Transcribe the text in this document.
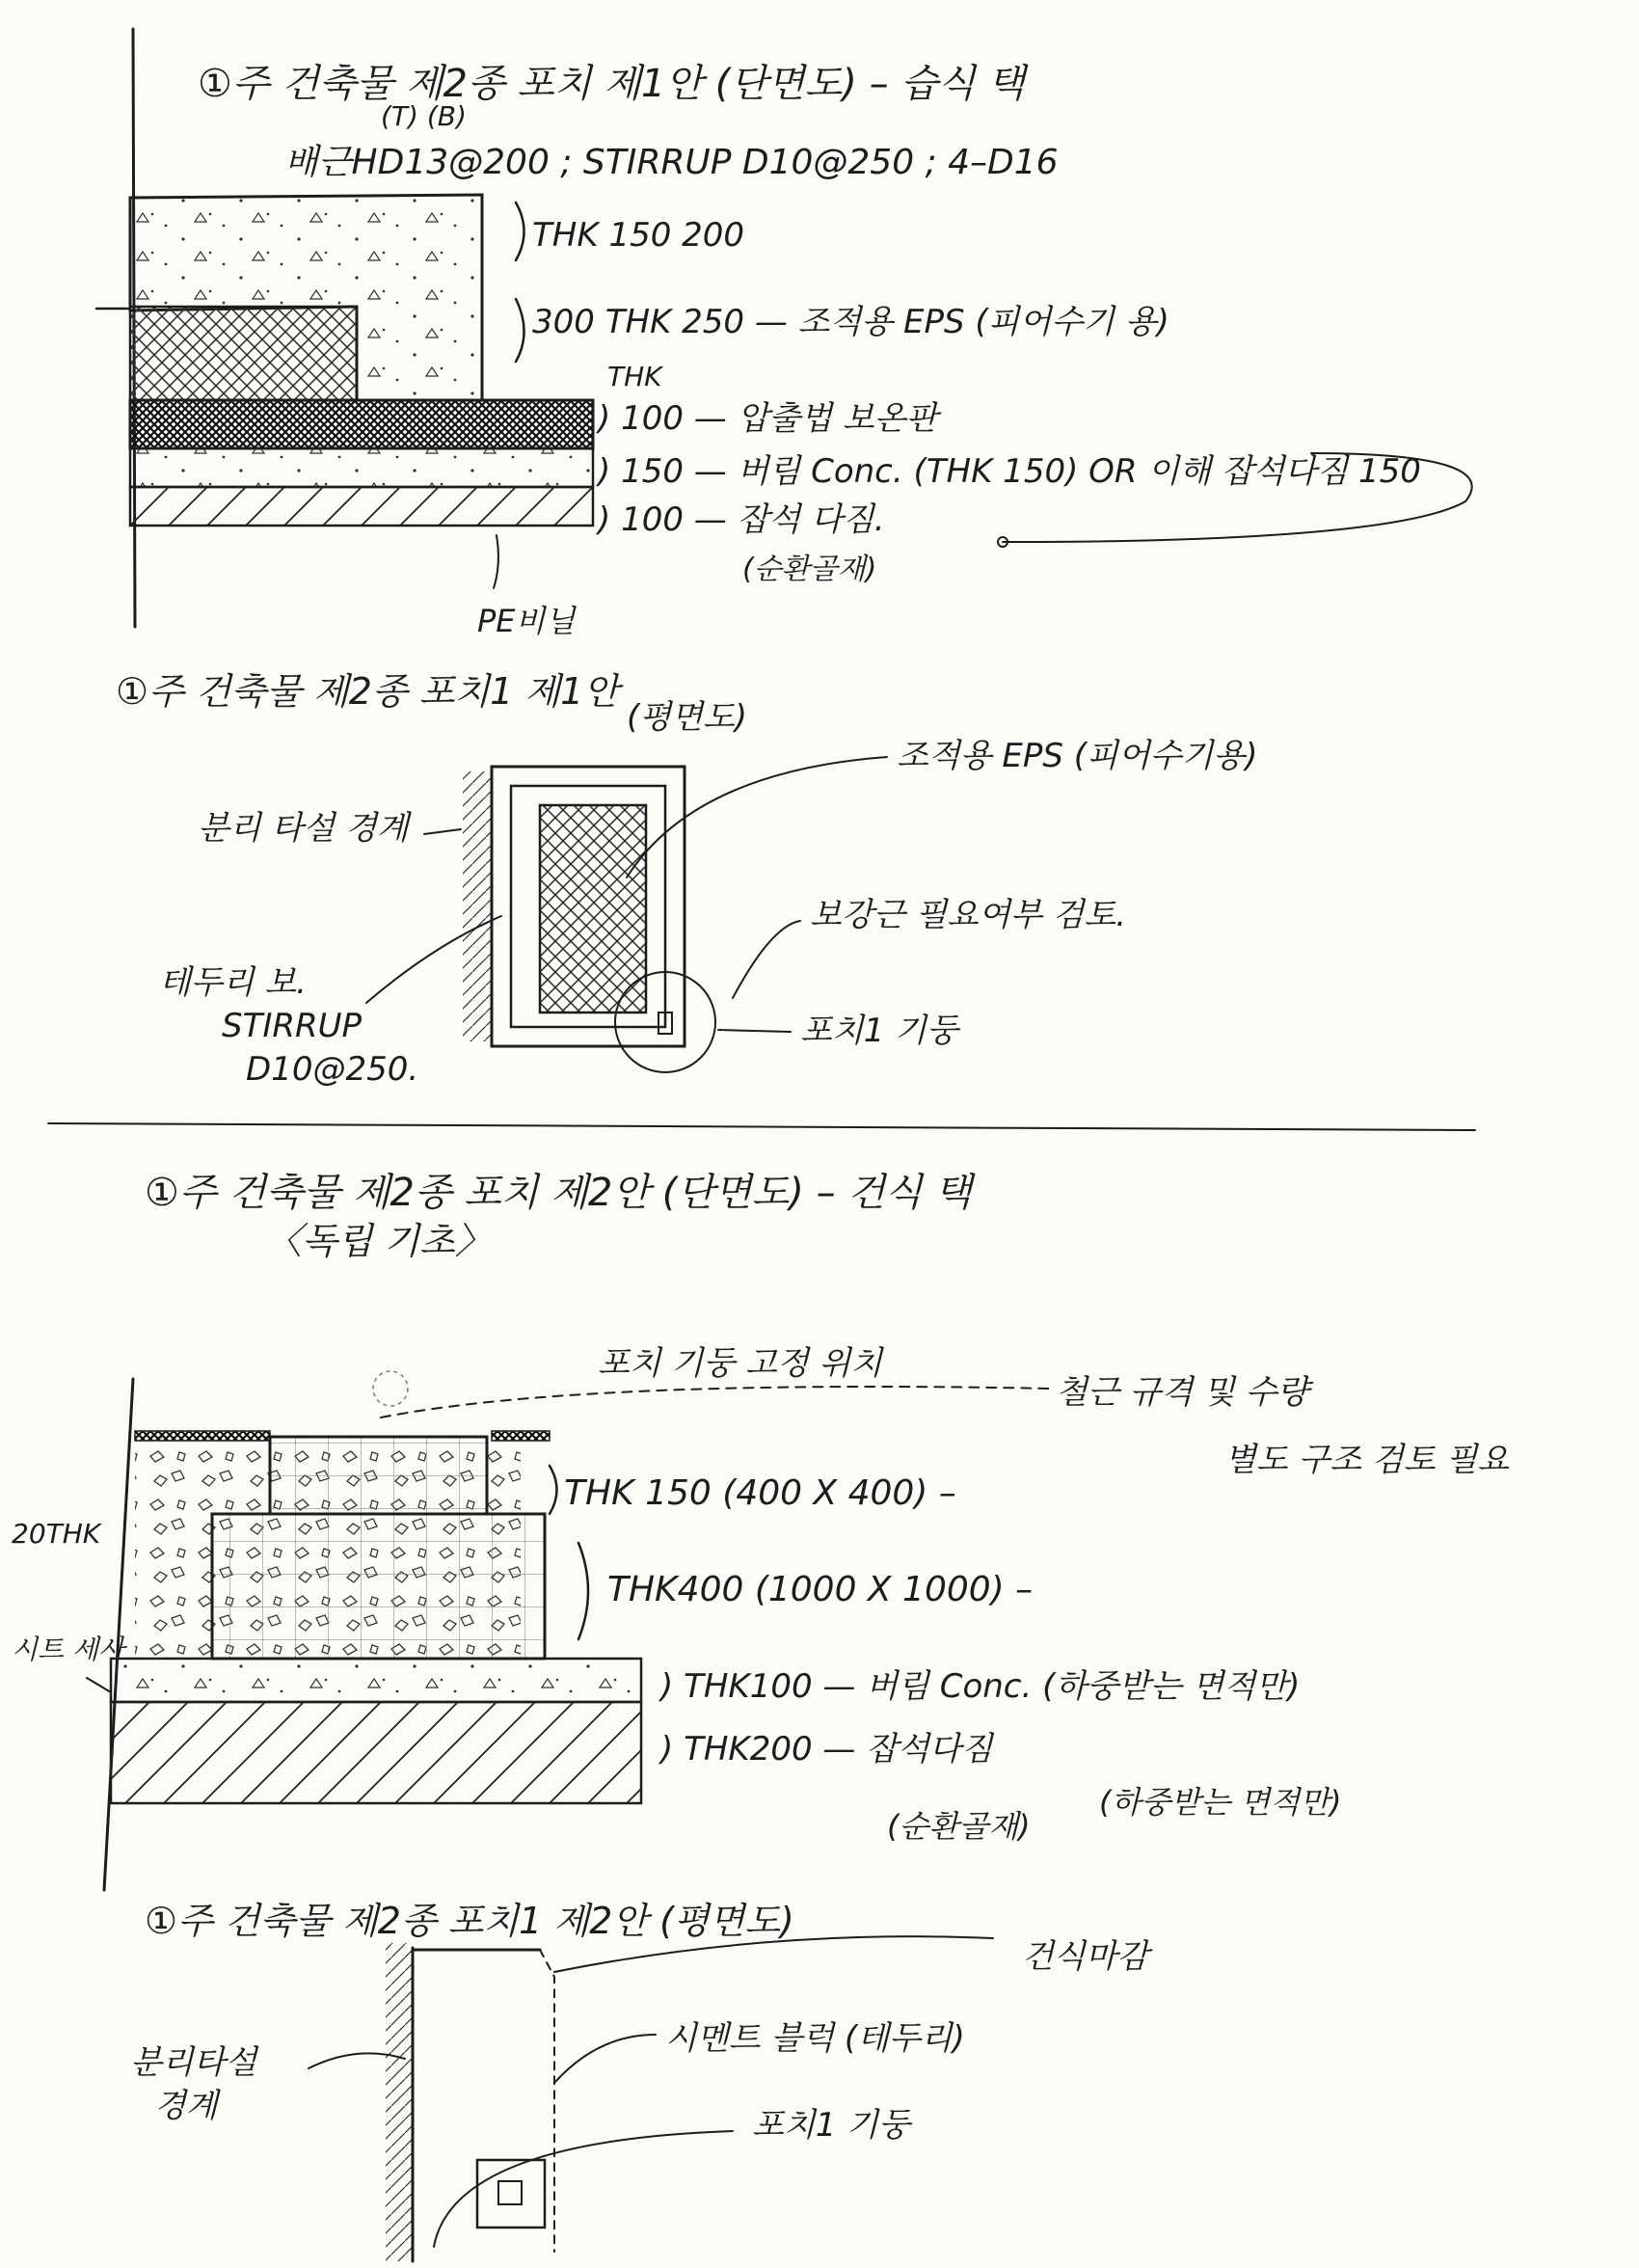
①주 건축물 제2종 포치 제1안 (단면도) – 습식 택
(T) (B)
배근HD13@200 ; STIRRUP D10@250 ; 4–D16
PE비닐
THK 150 200
300 THK 250 — 조적용 EPS (피어수기 용)
THK
) 100 — 압출법 보온판
) 150 — 버림 Conc. (THK 150) OR 이해 잡석다짐 150
) 100 — 잡석 다짐.
(순환골재)
①주 건축물 제2종 포치1 제1안
(평면도)
조적용 EPS (피어수기용)
분리 타설 경계
보강근 필요여부 검토.
테두리 보.
STIRRUP
D10@250.
포치1 기둥
①주 건축물 제2종 포치 제2안 (단면도) – 건식 택
〈독립 기초〉
포치 기둥 고정 위치
철근 규격 및 수량
별도 구조 검토 필요
THK 150 (400 X 400) –
THK400 (1000 X 1000) –
) THK100 — 버림 Conc. (하중받는 면적만)
) THK200 — 잡석다짐
(순환골재)
(하중받는 면적만)
20THK
시트 세사
①주 건축물 제2종 포치1 제2안 (평면도)
건식마감
시멘트 블럭 (테두리)
분리타설
경계	포치1 기둥
